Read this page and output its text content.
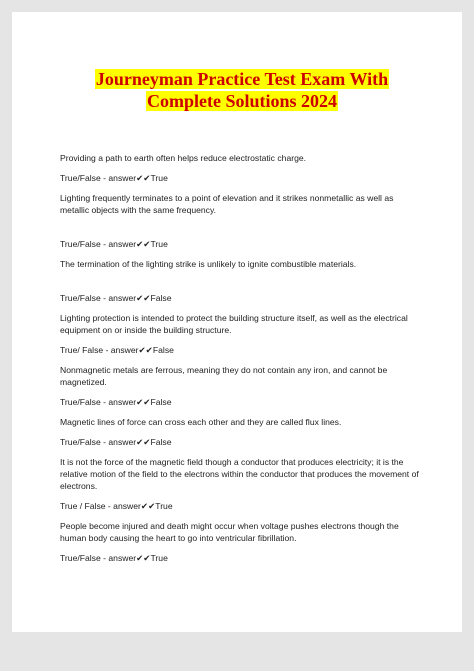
Journeyman Practice Test Exam With
Complete Solutions 2024

Providing a path to earth often helps reduce electrostatic charge.

True/False - answer✔✔True

Lighting frequently terminates to a point of elevation and it strikes nonmetallic as well as metallic objects with the same frequency.

True/False - answer✔✔True

The termination of the lighting strike is unlikely to ignite combustible materials.

True/False - answer✔✔False

Lighting protection is intended to protect the building structure itself, as well as the electrical equipment on or inside the building structure.

True/ False - answer✔✔False

Nonmagnetic metals are ferrous, meaning they do not contain any iron, and cannot be magnetized.

True/False - answer✔✔False

Magnetic lines of force can cross each other and they are called flux lines.

True/False - answer✔✔False

It is not the force of the magnetic field though a conductor that produces electricity; it is the relative motion of the field to the electrons within the conductor that produces the movement of electrons.

True / False - answer✔✔True

People become injured and death might occur when voltage pushes electrons though the human body causing the heart to go into ventricular fibrillation.

True/False - answer✔✔True
